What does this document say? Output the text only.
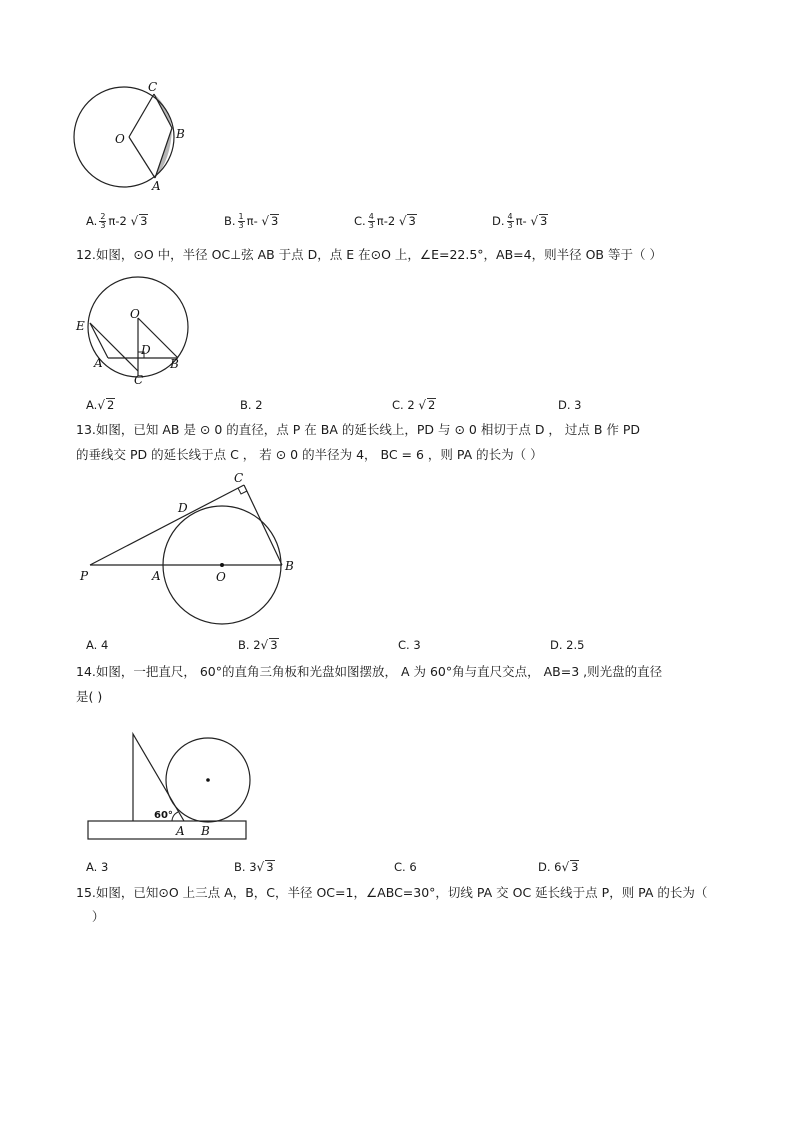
C
O	B
A
A. $\frac{2}{3} \pi-2$ √ 3	B. $\frac{1}{3} \pi-$ √ 3	C. $\frac{4}{3} \pi-2$ √ 3	D. $\frac{4}{3} \pi-$ √ 3
12.如图，⊙O 中，半径 OC⊥弦 AB 于点 D，点 E 在⊙O 上，∠E=22.5°，AB=4，则半径 OB 等于（ ）
E
O
D
A
C
B
A.√ 2	B. 2	C. 2 √ 2	D. 3
13.如图，已知 AB 是 ⊙ 0 的直径，点 P 在 BA 的延长线上，PD 与 ⊙ 0 相切于点 D ， 过点 B 作 PD
的垂线交 PD 的延长线于点 C ， 若 ⊙ 0 的半径为 4， BC = 6 ，则 PA 的长为（ ）
C
D
P	A	O
B
A. 4	B. 2√ 3	C. 3	D. 2.5
14.如图，一把直尺， 60°的直角三角板和光盘如图摆放， A 为 60°角与直尺交点， AB=3 ,则光盘的直径
是( )
60°
A B
A. 3	B. 3√ 3	C. 6	D. 6√ 3
15.如图，已知⊙O 上三点 A，B，C，半径 OC=1，∠ABC=30°，切线 PA 交 OC 延长线于点 P，则 PA 的长为（
）
